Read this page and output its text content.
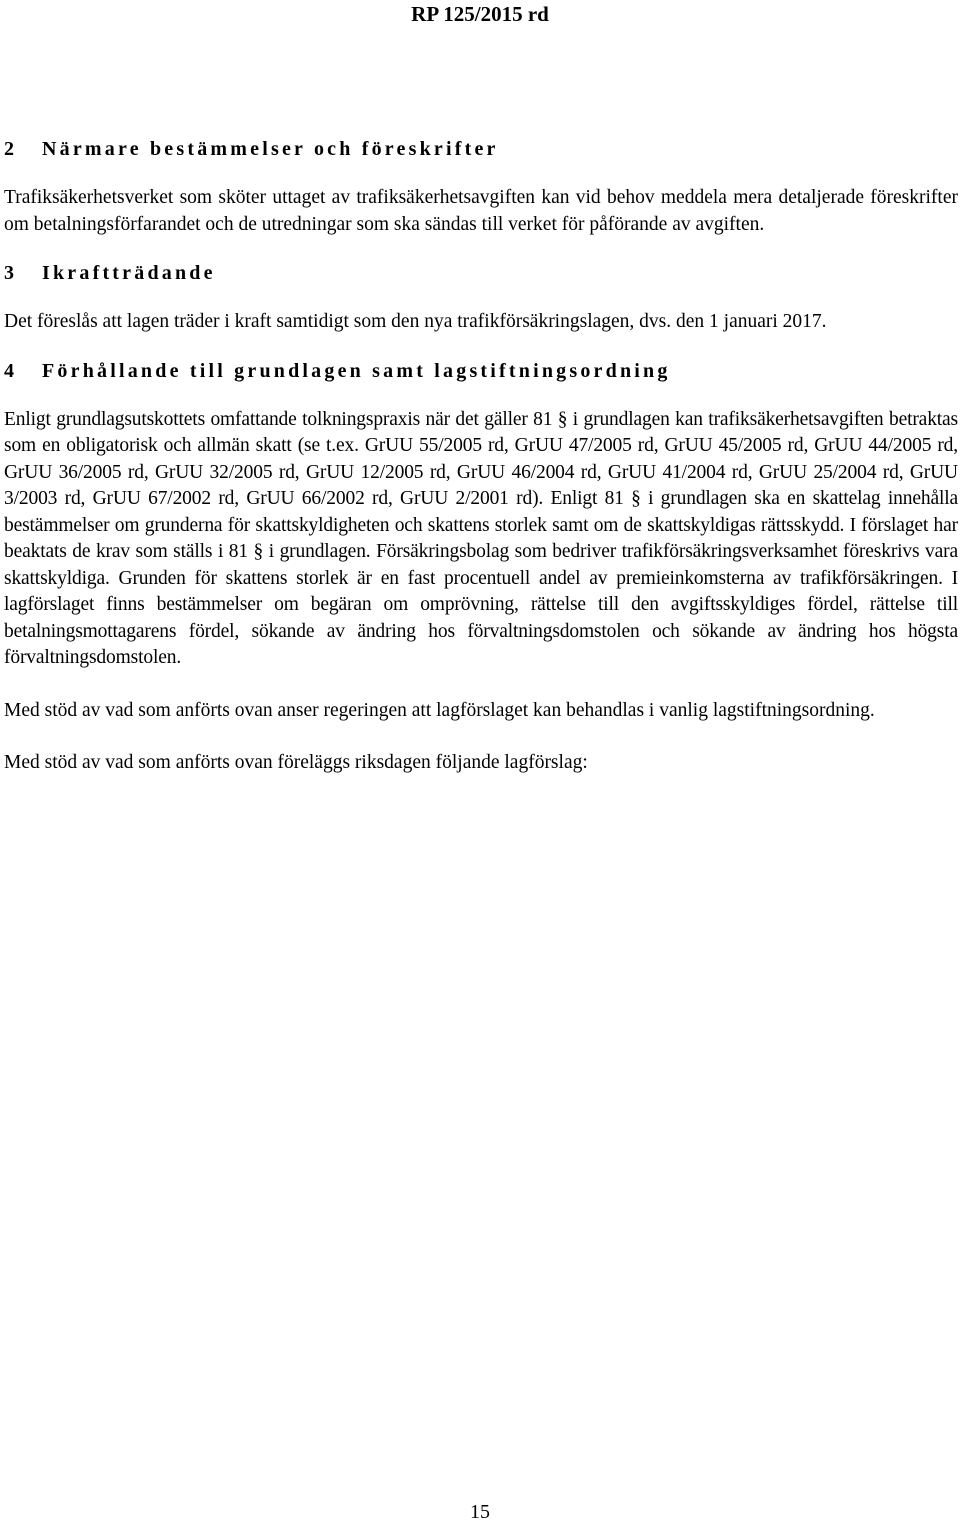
RP 125/2015 rd
2 Närmare bestämmelser och föreskrifter

Trafiksäkerhetsverket som sköter uttaget av trafiksäkerhetsavgiften kan vid behov meddela mera detaljerade föreskrifter om betalningsförfarandet och de utredningar som ska sändas till verket för påförande av avgiften.

3 Ikraftträdande

Det föreslås att lagen träder i kraft samtidigt som den nya trafikförsäkringslagen, dvs. den 1 januari 2017.

4 Förhållande till grundlagen samt lagstiftningsordning

Enligt grundlagsutskottets omfattande tolkningspraxis när det gäller 81 § i grundlagen kan trafiksäkerhetsavgiften betraktas som en obligatorisk och allmän skatt (se t.ex. GrUU 55/2005 rd, GrUU 47/2005 rd, GrUU 45/2005 rd, GrUU 44/2005 rd, GrUU 36/2005 rd, GrUU 32/2005 rd, GrUU 12/2005 rd, GrUU 46/2004 rd, GrUU 41/2004 rd, GrUU 25/2004 rd, GrUU 3/2003 rd, GrUU 67/2002 rd, GrUU 66/2002 rd, GrUU 2/2001 rd). Enligt 81 § i grundlagen ska en skattelag innehålla bestämmelser om grunderna för skattskyldigheten och skattens storlek samt om de skattskyldigas rättsskydd. I förslaget har beaktats de krav som ställs i 81 § i grundlagen. Försäkringsbolag som bedriver trafikförsäkringsverksamhet föreskrivs vara skattskyldiga. Grunden för skattens storlek är en fast procentuell andel av premieinkomsterna av trafikförsäkringen. I lagförslaget finns bestämmelser om begäran om omprövning, rättelse till den avgiftsskyldiges fördel, rättelse till betalningsmottagarens fördel, sökande av ändring hos förvaltningsdomstolen och sökande av ändring hos högsta förvaltningsdomstolen.

Med stöd av vad som anförts ovan anser regeringen att lagförslaget kan behandlas i vanlig lagstiftningsordning.

Med stöd av vad som anförts ovan föreläggs riksdagen följande lagförslag:

15
